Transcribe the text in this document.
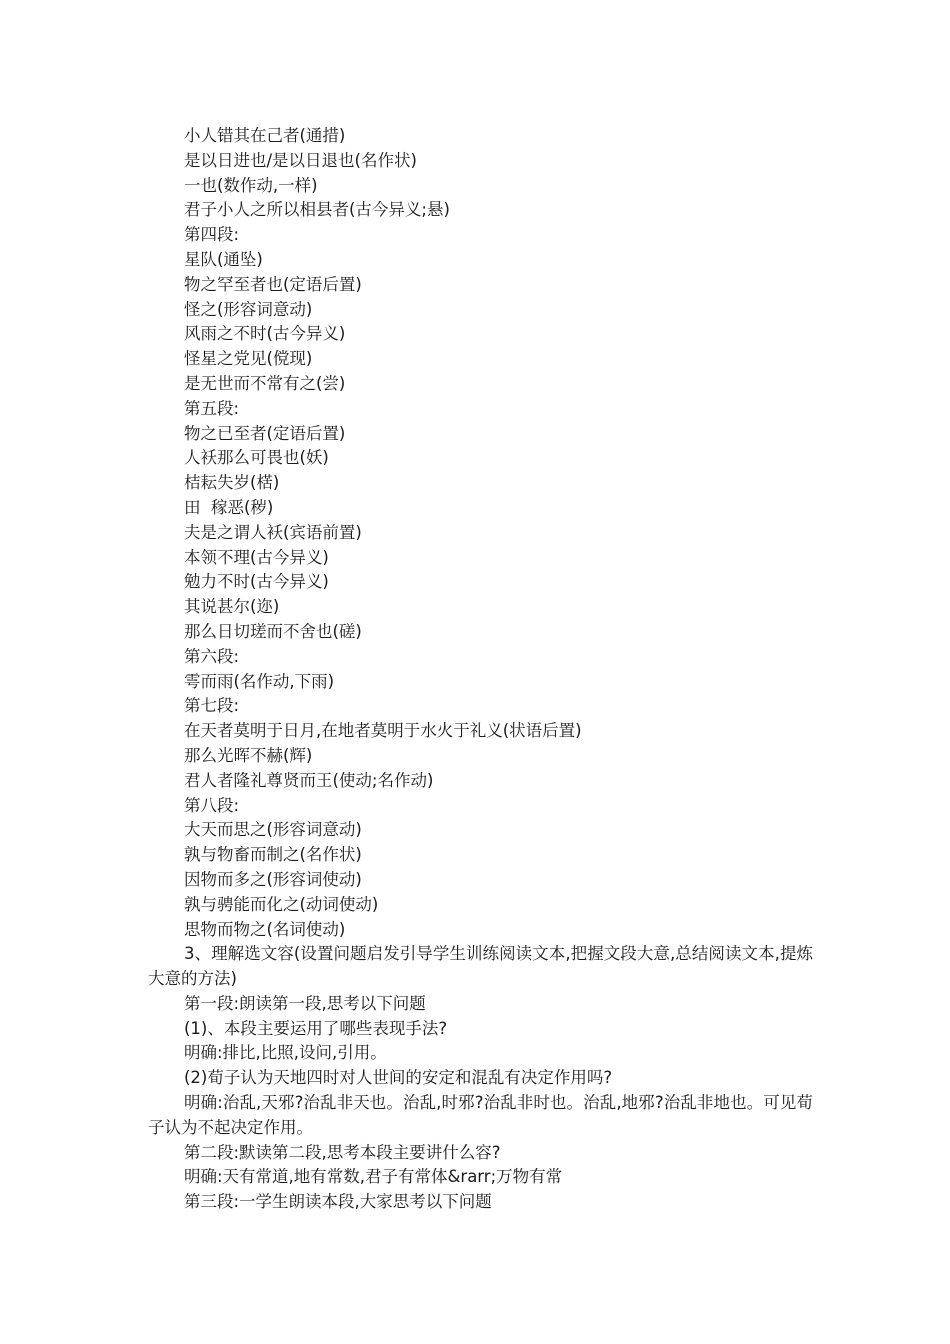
小人错其在己者(通措)

是以日进也/是以日退也(名作状)

一也(数作动,一样)

君子小人之所以相县者(古今异义;悬)

第四段:

星队(通坠)

物之罕至者也(定语后置)

怪之(形容词意动)

风雨之不时(古今异义)

怪星之党见(傥现)

是无世而不常有之(尝)

第五段:

物之已至者(定语后置)

人袄那么可畏也(妖)

桔耘失岁(楛)

田  稼恶(秽)

夫是之谓人袄(宾语前置)

本领不理(古今异义)

勉力不时(古今异义)

其说甚尔(迩)

那么日切瑳而不舍也(磋)

第六段:

雩而雨(名作动,下雨)

第七段:

在天者莫明于日月,在地者莫明于水火于礼义(状语后置)

那么光晖不赫(辉)

君人者隆礼尊贤而王(使动;名作动)

第八段:

大天而思之(形容词意动)

孰与物畜而制之(名作状)

因物而多之(形容词使动)

孰与骋能而化之(动词使动)

思物而物之(名词使动)

3、理解选文容(设置问题启发引导学生训练阅读文本,把握文段大意,总结阅读文本,提炼大意的方法)

第一段:朗读第一段,思考以下问题

(1)、本段主要运用了哪些表现手法?

明确:排比,比照,设问,引用。

(2)荀子认为天地四时对人世间的安定和混乱有决定作用吗?

明确:治乱,天邪?治乱非天也。治乱,时邪?治乱非时也。治乱,地邪?治乱非地也。可见荀子认为不起决定作用。

第二段:默读第二段,思考本段主要讲什么容?

明确:天有常道,地有常数,君子有常体&rarr;万物有常

第三段:一学生朗读本段,大家思考以下问题
